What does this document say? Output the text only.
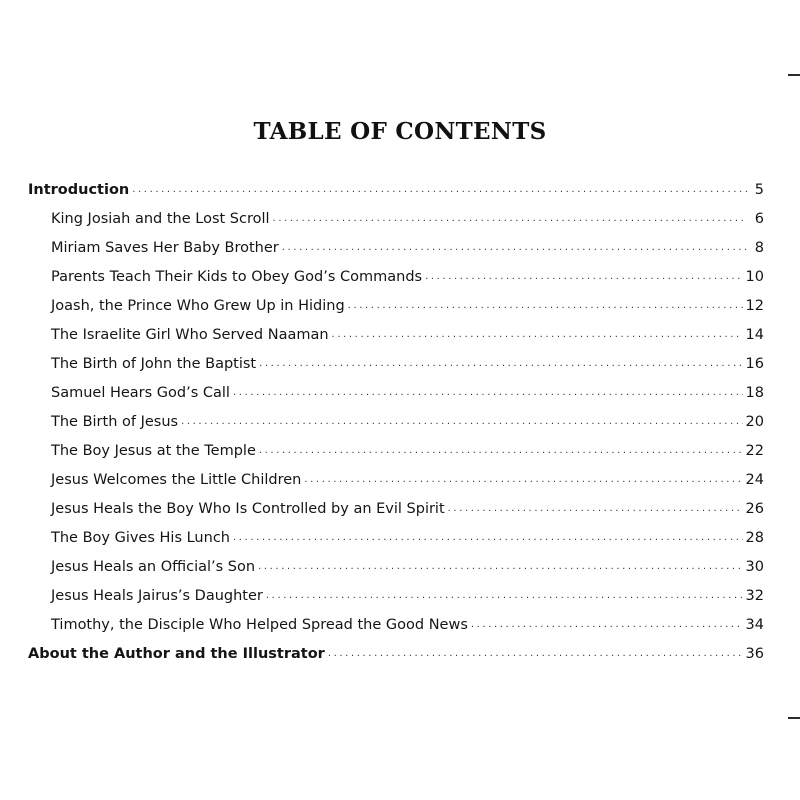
TABLE OF CONTENTS
Introduction .....	5
King Josiah and the Lost Scroll .....	6
Miriam Saves Her Baby Brother .....	8
Parents Teach Their Kids to Obey God’s Commands .....	10
Joash, the Prince Who Grew Up in Hiding .....	12
The Israelite Girl Who Served Naaman .....	14
The Birth of John the Baptist .....	16
Samuel Hears God’s Call .....	18
The Birth of Jesus .....	20
The Boy Jesus at the Temple .....	22
Jesus Welcomes the Little Children .....	24
Jesus Heals the Boy Who Is Controlled by an Evil Spirit .....	26
The Boy Gives His Lunch .....	28
Jesus Heals an Official’s Son .....	30
Jesus Heals Jairus’s Daughter .....	32
Timothy, the Disciple Who Helped Spread the Good News .....	34
About the Author and the Illustrator .....	36
